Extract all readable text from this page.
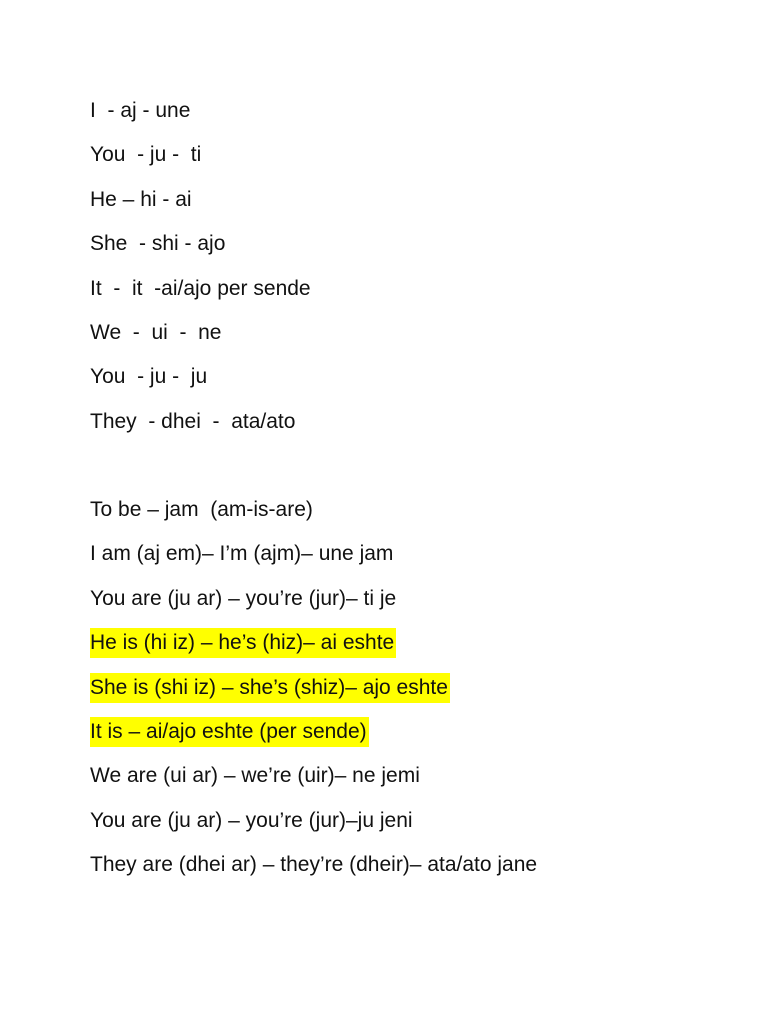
I  - aj - une
You  - ju -  ti
He – hi - ai
She  - shi - ajo
It  -  it  -ai/ajo per sende
We  -  ui  -  ne
You  - ju -  ju
They  - dhei  -  ata/ato
To be – jam  (am-is-are)
I am (aj em)– I’m (ajm)– une jam
You are (ju ar) – you’re (jur)– ti je
He is (hi iz) – he’s (hiz)– ai eshte
She is (shi iz) – she’s (shiz)– ajo eshte
It is – ai/ajo eshte (per sende)
We are (ui ar) – we’re (uir)– ne jemi
You are (ju ar) – you’re (jur)–ju jeni
They are (dhei ar) – they’re (dheir)– ata/ato jane
